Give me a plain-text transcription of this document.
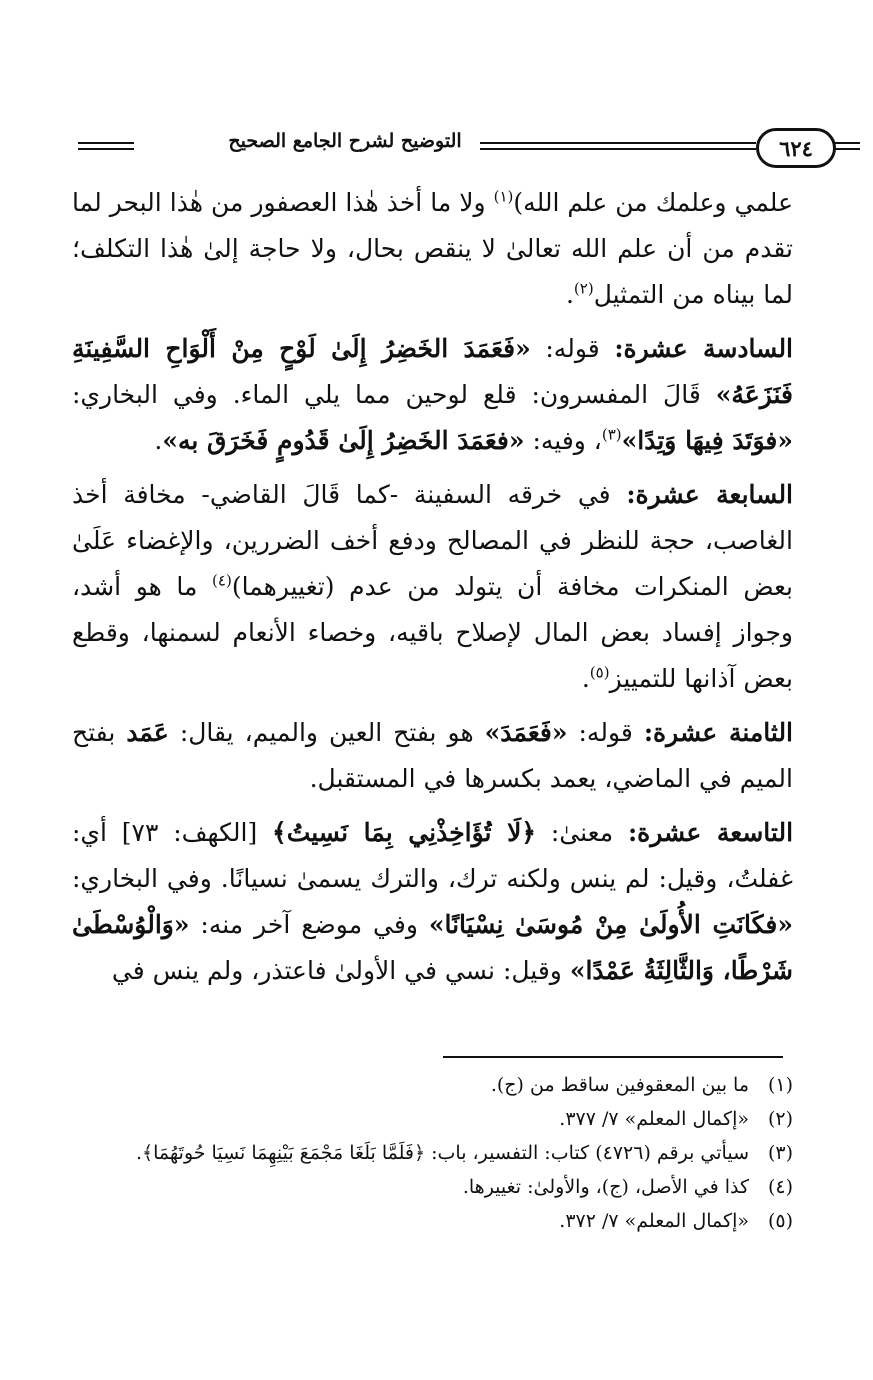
٦٢٤
التوضيح لشرح الجامع الصحيح

علمي وعلمك من علم الله)$^{(١)}$ ولا ما أخذ هٰذا العصفور من هٰذا البحر لما تقدم من أن علم الله تعالىٰ لا ينقص بحال، ولا حاجة إلىٰ هٰذا التكلف؛ لما بيناه من التمثيل$^{(٢)}$.

السادسة عشرة: قوله: «فَعَمَدَ الخَضِرُ إِلَىٰ لَوْحٍ مِنْ أَلْوَاحِ السَّفِينَةِ فَنَزَعَهُ» قَالَ المفسرون: قلع لوحين مما يلي الماء. وفي البخاري: «فوَتَدَ فِيهَا وَتِدًا»$^{(٣)}$، وفيه: «فعَمَدَ الخَضِرُ إِلَىٰ قَدُومٍ فَخَرَقَ به».

السابعة عشرة: في خرقه السفينة -كما قَالَ القاضي- مخافة أخذ الغاصب، حجة للنظر في المصالح ودفع أخف الضررين، والإغضاء عَلَىٰ بعض المنكرات مخافة أن يتولد من عدم (تغييرهما)$^{(٤)}$ ما هو أشد، وجواز إفساد بعض المال لإصلاح باقيه، وخصاء الأنعام لسمنها، وقطع بعض آذانها للتمييز$^{(٥)}$.

الثامنة عشرة: قوله: «فَعَمَدَ» هو بفتح العين والميم، يقال: عَمَد بفتح الميم في الماضي، يعمد بكسرها في المستقبل.

التاسعة عشرة: معنىٰ: ﴿لَا تُؤَاخِذْنِي بِمَا نَسِيتُ﴾ [الكهف: ٧٣] أي: غفلتُ، وقيل: لم ينس ولكنه ترك، والترك يسمىٰ نسيانًا. وفي البخاري: «فكَانَتِ الأُولَىٰ مِنْ مُوسَىٰ نِسْيَانًا» وفي موضع آخر منه: «وَالْوُسْطَىٰ شَرْطًا، وَالثَّالِثَةُ عَمْدًا» وقيل: نسي في الأولىٰ فاعتذر، ولم ينس في

(١)
ما بين المعقوفين ساقط من (ج).
(٢)
«إكمال المعلم» ٧/ ٣٧٧.
(٣)
سيأتي برقم (٤٧٢٦) كتاب: التفسير، باب: ﴿فَلَمَّا بَلَغَا مَجْمَعَ بَيْنِهِمَا نَسِيَا حُوتَهُمَا﴾.
(٤)
كذا في الأصل، (ج)، والأولىٰ: تغييرها.
(٥)
«إكمال المعلم» ٧/ ٣٧٢.
